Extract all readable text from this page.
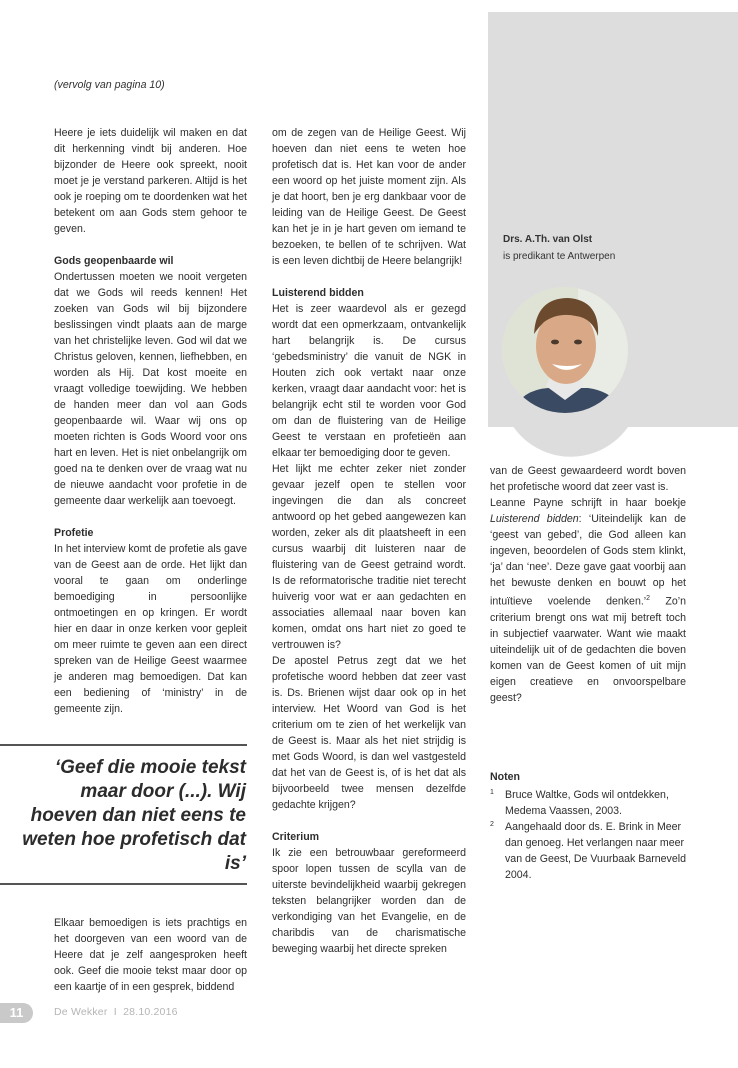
(vervolg van pagina 10)

Heere je iets duidelijk wil maken en dat dit herkenning vindt bij anderen. Hoe bijzonder de Heere ook spreekt, nooit moet je je verstand parkeren. Altijd is het ook je roeping om te doordenken wat het betekent om aan Gods stem gehoor te geven.

Gods geopenbaarde wil

Ondertussen moeten we nooit vergeten dat we Gods wil reeds kennen! Het zoeken van Gods wil bij bijzondere beslissingen vindt plaats aan de marge van het christelijke leven. God wil dat we Christus geloven, kennen, liefhebben, en worden als Hij. Dat kost moeite en vraagt volledige toewijding. We hebben de handen meer dan vol aan Gods geopenbaarde wil. Waar wij ons op moeten richten is Gods Woord voor ons hart en leven. Het is niet onbelangrijk om goed na te denken over de vraag wat nu de nieuwe aandacht voor profetie in de gemeente daar werkelijk aan toevoegt.

Profetie

In het interview komt de profetie als gave van de Geest aan de orde. Het lijkt dan vooral te gaan om onderlinge bemoediging in persoonlijke ontmoetingen en op kringen. Er wordt hier en daar in onze kerken voor gepleit om meer ruimte te geven aan een direct spreken van de Heilige Geest waarmee je anderen mag bemoedigen. Dat kan een bediening of ‘ministry’ in de gemeente zijn.

‘Geef die mooie tekst maar door (...). Wij hoeven dan niet eens te weten hoe profetisch dat is’

Elkaar bemoedigen is iets prachtigs en het doorgeven van een woord van de Heere dat je zelf aangesproken heeft ook. Geef die mooie tekst maar door op een kaartje of in een gesprek, biddend

om de zegen van de Heilige Geest. Wij hoeven dan niet eens te weten hoe profetisch dat is. Het kan voor de ander een woord op het juiste moment zijn. Als je dat hoort, ben je erg dankbaar voor de leiding van de Heilige Geest. De Geest kan het je in je hart geven om iemand te bezoeken, te bellen of te schrijven. Wat is een leven dichtbij de Heere belangrijk!

Luisterend bidden

Het is zeer waardevol als er gezegd wordt dat een opmerkzaam, ontvankelijk hart belangrijk is. De cursus ‘gebedsministry’ die vanuit de NGK in Houten zich ook vertakt naar onze kerken, vraagt daar aandacht voor: het is belangrijk echt stil te worden voor God om dan de fluistering van de Heilige Geest te verstaan en profetieën aan elkaar ter bemoediging door te geven.

Het lijkt me echter zeker niet zonder gevaar jezelf open te stellen voor ingevingen die dan als concreet antwoord op het gebed aangewezen kan worden, zeker als dit plaatsheeft in een cursus waarbij dit luisteren naar de fluistering van de Geest getraind wordt. Is de reformatorische traditie niet terecht huiverig voor wat er aan gedachten en associaties allemaal naar boven kan komen, omdat ons hart niet zo goed te vertrouwen is?

De apostel Petrus zegt dat we het profetische woord hebben dat zeer vast is. Ds. Brienen wijst daar ook op in het interview. Het Woord van God is het criterium om te zien of het werkelijk van de Geest is. Maar als het niet strijdig is met Gods Woord, is dan wel vastgesteld dat het van de Geest is, of is het dat als bijvoorbeeld twee mensen dezelfde gedachte krijgen?

Criterium

Ik zie een betrouwbaar gereformeerd spoor lopen tussen de scylla van de uiterste bevindelijkheid waarbij gekregen teksten belangrijker worden dan de verkondiging van het Evangelie, en de charibdis van de charismatische beweging waarbij het directe spreken

Drs. A.Th. van Olst
is predikant te Antwerpen

van de Geest gewaardeerd wordt boven het profetische woord dat zeer vast is.

Leanne Payne schrijft in haar boekje Luisterend bidden: ‘Uiteindelijk kan de ‘geest van gebed’, die God alleen kan ingeven, beoordelen of Gods stem klinkt, ‘ja’ dan ‘nee’. Deze gave gaat voorbij aan het bewuste denken en bouwt op het intuïtieve voelende denken.’$^2$ Zo’n criterium brengt ons wat mij betreft toch in subjectief vaarwater. Want wie maakt uiteindelijk uit of de gedachten die boven komen van de Geest komen of uit mijn eigen creatieve en onvoorspelbare geest?

Noten
1 Bruce Waltke, Gods wil ontdekken, Medema Vaassen, 2003.
2 Aangehaald door ds. E. Brink in Meer dan genoeg. Het verlangen naar meer van de Geest, De Vuurbaak Barneveld 2004.
11	De Wekker  I  28.10.2016
